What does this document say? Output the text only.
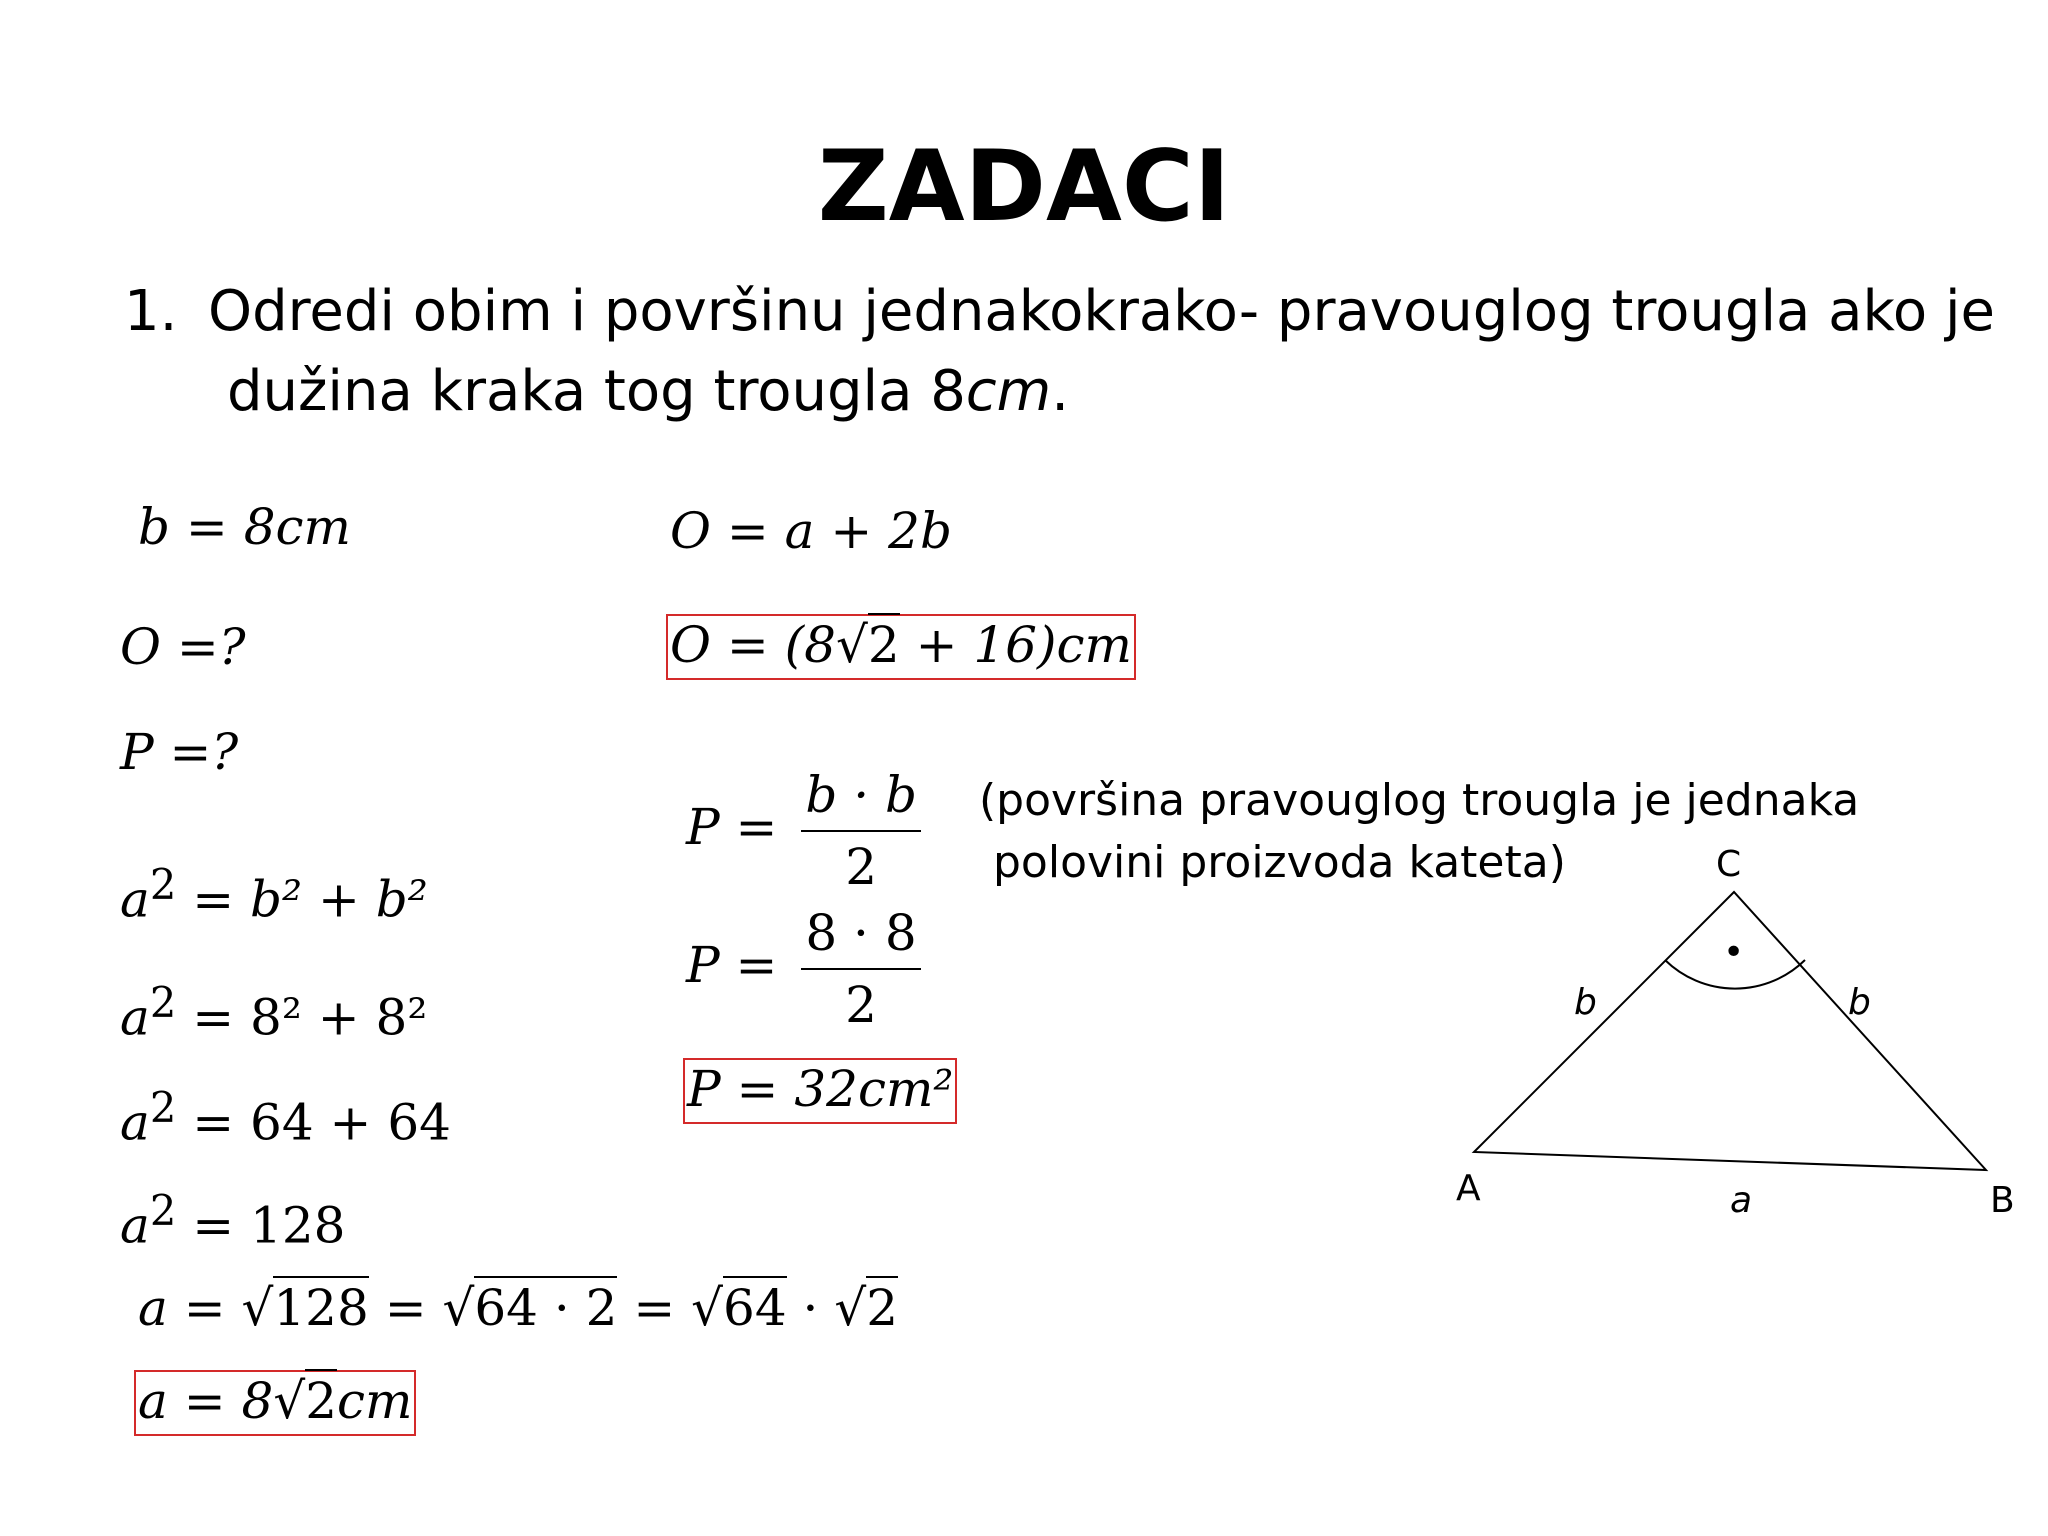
ZADACI
1. Odredi obim i površinu jednakokrako- pravouglog trougla ako je
dužina kraka tog trougla 8cm.
b = 8cm
O =?
P =?
$a^2 = b^2 + b^2$
$a^2 = 8^2 + 8^2$
$a^2 = 64 + 64$
$a^2 = 128$
a = √128 = √64 · 2 = √64 · √2
a = 8√2cm
O = a + 2b
O = (8√2 + 16)cm
$P = \frac{b \cdot b}{2}$
$P = \frac{8 \cdot 8}{2}$
P = 32cm²
(površina pravouglog trougla je jednaka
polovini proizvoda kateta)
•
C
A	B
a
b	b
